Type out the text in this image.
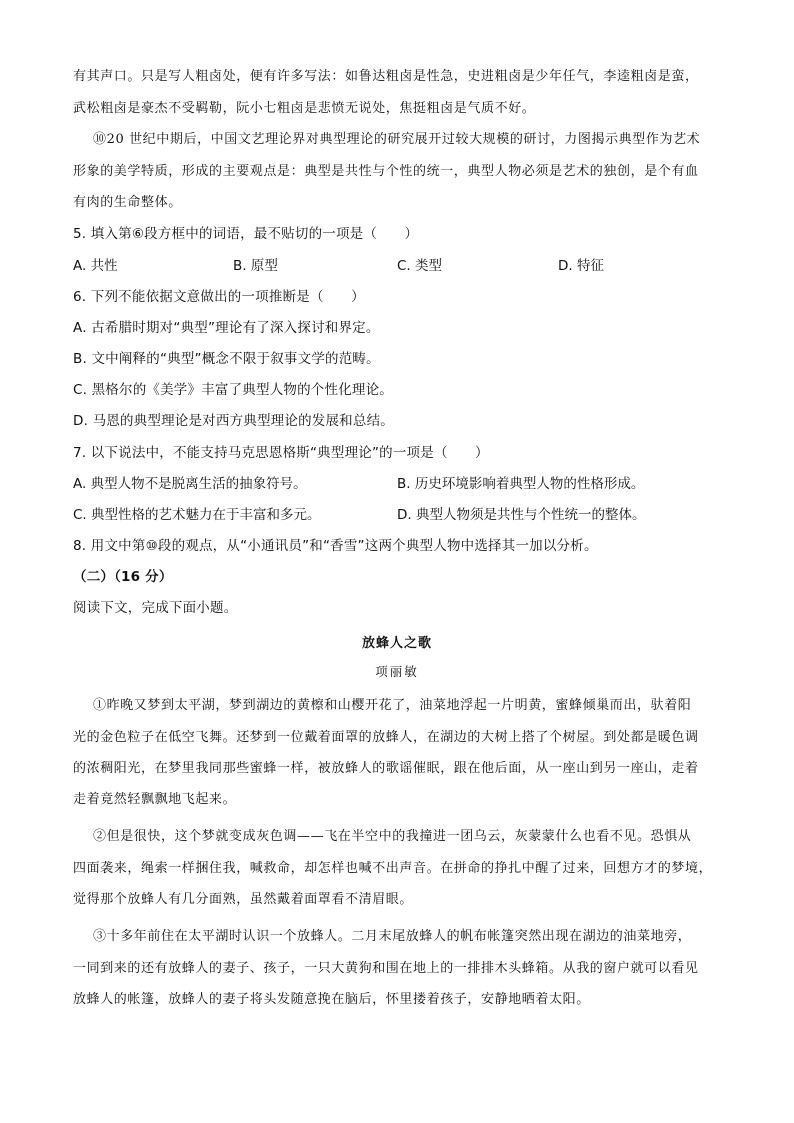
有其声口。只是写人粗卤处，便有许多写法：如鲁达粗卤是性急，史进粗卤是少年任气，李逵粗卤是蛮，
武松粗卤是豪杰不受羁勒，阮小七粗卤是悲愤无说处，焦挺粗卤是气质不好。
⑩20 世纪中期后，中国文艺理论界对典型理论的研究展开过较大规模的研讨，力图揭示典型作为艺术
形象的美学特质，形成的主要观点是：典型是共性与个性的统一，典型人物必须是艺术的独创，是个有血
有肉的生命整体。
5. 填入第⑥段方框中的词语，最不贴切的一项是（　　）
A. 共性	B. 原型	C. 类型	D. 特征
6. 下列不能依据文意做出的一项推断是（　　）
A. 古希腊时期对“典型”理论有了深入探讨和界定。
B. 文中阐释的“典型”概念不限于叙事文学的范畴。
C. 黑格尔的《美学》丰富了典型人物的个性化理论。
D. 马恩的典型理论是对西方典型理论的发展和总结。
7. 以下说法中，不能支持马克思恩格斯“典型理论”的一项是（　　）
A. 典型人物不是脱离生活的抽象符号。	B. 历史环境影响着典型人物的性格形成。
C. 典型性格的艺术魅力在于丰富和多元。	D. 典型人物须是共性与个性统一的整体。
8. 用文中第⑩段的观点，从“小通讯员”和“香雪”这两个典型人物中选择其一加以分析。
（二）（16 分）
阅读下文，完成下面小题。
放蜂人之歌
项丽敏
①昨晚又梦到太平湖，梦到湖边的黄檫和山樱开花了，油菜地浮起一片明黄，蜜蜂倾巢而出，驮着阳
光的金色粒子在低空飞舞。还梦到一位戴着面罩的放蜂人，在湖边的大树上搭了个树屋。到处都是暖色调
的浓稠阳光，在梦里我同那些蜜蜂一样，被放蜂人的歌谣催眠，跟在他后面，从一座山到另一座山，走着
走着竟然轻飘飘地飞起来。
②但是很快，这个梦就变成灰色调——飞在半空中的我撞进一团乌云，灰蒙蒙什么也看不见。恐惧从
四面袭来，绳索一样捆住我，喊救命，却怎样也喊不出声音。在拼命的挣扎中醒了过来，回想方才的梦境，
觉得那个放蜂人有几分面熟，虽然戴着面罩看不清眉眼。
③十多年前住在太平湖时认识一个放蜂人。二月末尾放蜂人的帆布帐篷突然出现在湖边的油菜地旁，
一同到来的还有放蜂人的妻子、孩子，一只大黄狗和围在地上的一排排木头蜂箱。从我的窗户就可以看见
放蜂人的帐篷，放蜂人的妻子将头发随意挽在脑后，怀里搂着孩子，安静地晒着太阳。
